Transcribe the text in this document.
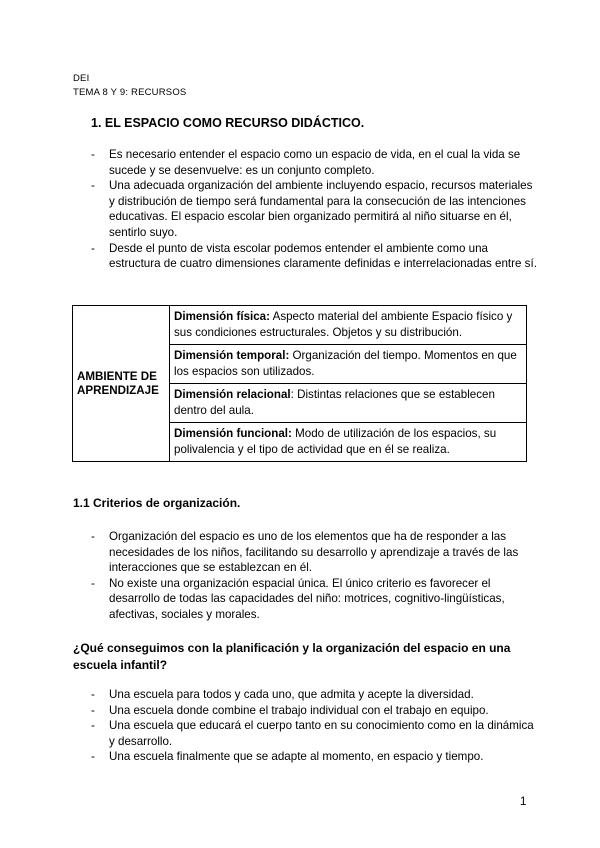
DEI
TEMA 8 Y 9: RECURSOS
1. EL ESPACIO COMO RECURSO DIDÁCTICO.
- Es necesario entender el espacio como un espacio de vida, en el cual la vida se sucede y se desenvuelve: es un conjunto completo.
- Una adecuada organización del ambiente incluyendo espacio, recursos materiales y distribución de tiempo será fundamental para la consecución de las intenciones educativas. El espacio escolar bien organizado permitirá al niño situarse en él, sentirlo suyo.
- Desde el punto de vista escolar podemos entender el ambiente como una estructura de cuatro dimensiones claramente definidas e interrelacionadas entre sí.
AMBIENTE DE
APRENDIZAJE
	Dimensión física: Aspecto material del ambiente Espacio físico y sus condiciones estructurales. Objetos y su distribución.
Dimensión temporal: Organización del tiempo. Momentos en que los espacios son utilizados.
Dimensión relacional: Distintas relaciones que se establecen dentro del aula.
Dimensión funcional: Modo de utilización de los espacios, su polivalencia y el tipo de actividad que en él se realiza.
1.1 Criterios de organización.
- Organización del espacio es uno de los elementos que ha de responder a las necesidades de los niños, facilitando su desarrollo y aprendizaje a través de las interacciones que se establezcan en él.
- No existe una organización espacial única. El único criterio es favorecer el desarrollo de todas las capacidades del niño: motrices, cognitivo-lingüísticas, afectivas, sociales y morales.
¿Qué conseguimos con la planificación y la organización del espacio en una escuela infantil?
- Una escuela para todos y cada uno, que admita y acepte la diversidad.
- Una escuela donde combine el trabajo individual con el trabajo en equipo.
- Una escuela que educará el cuerpo tanto en su conocimiento como en la dinámica y desarrollo.
- Una escuela finalmente que se adapte al momento, en espacio y tiempo.
1
